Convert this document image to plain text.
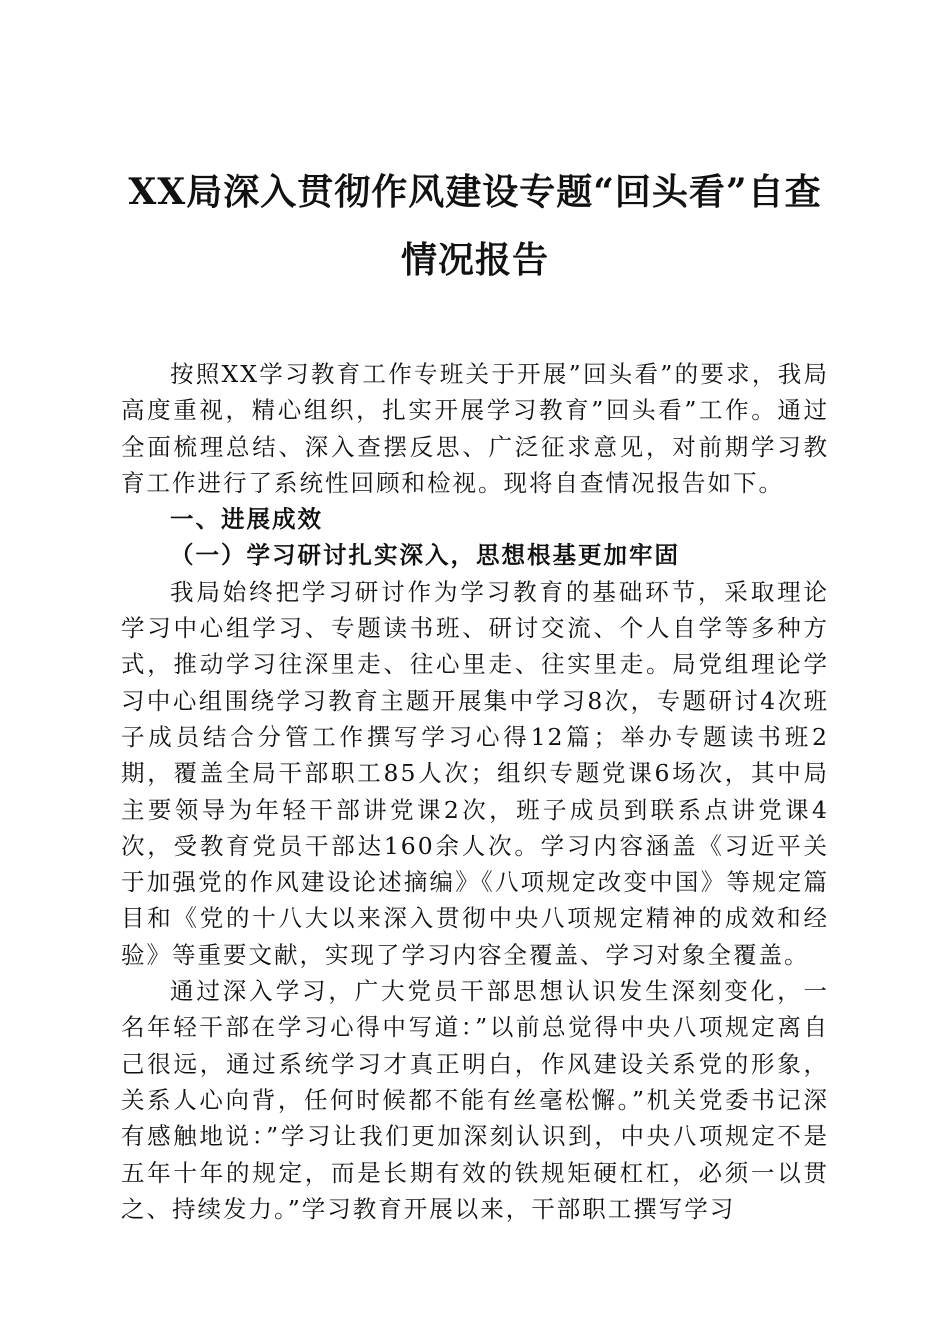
XX局深入贯彻作风建设专题“回头看”自查
情况报告

按照XX学习教育工作专班关于开展”回头看”的要求，我局高度重视，精心组织，扎实开展学习教育”回头看”工作。通过全面梳理总结、深入查摆反思、广泛征求意见，对前期学习教育工作进行了系统性回顾和检视。现将自查情况报告如下。

一、进展成效
（一）学习研讨扎实深入，思想根基更加牢固

我局始终把学习研讨作为学习教育的基础环节，采取理论学习中心组学习、专题读书班、研讨交流、个人自学等多种方式，推动学习往深里走、往心里走、往实里走。局党组理论学习中心组围绕学习教育主题开展集中学习8次，专题研讨4次班子成员结合分管工作撰写学习心得12篇；举办专题读书班2期，覆盖全局干部职工85人次；组织专题党课6场次，其中局主要领导为年轻干部讲党课2次，班子成员到联系点讲党课4次，受教育党员干部达160余人次。学习内容涵盖《习近平关于加强党的作风建设论述摘编》《八项规定改变中国》等规定篇目和《党的十八大以来深入贯彻中央八项规定精神的成效和经验》等重要文献，实现了学习内容全覆盖、学习对象全覆盖。

通过深入学习，广大党员干部思想认识发生深刻变化，一名年轻干部在学习心得中写道：”以前总觉得中央八项规定离自己很远，通过系统学习才真正明白，作风建设关系党的形象，关系人心向背，任何时候都不能有丝毫松懈。”机关党委书记深有感触地说：”学习让我们更加深刻认识到，中央八项规定不是五年十年的规定，而是长期有效的铁规矩硬杠杠，必须一以贯之、持续发力。”学习教育开展以来，干部职工撰写学习
